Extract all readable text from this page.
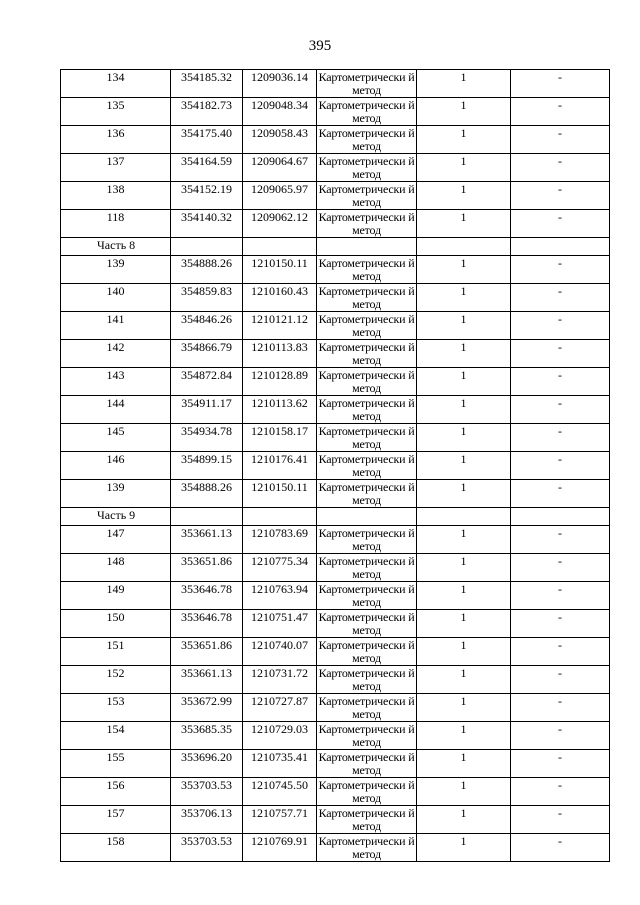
395
134	354185.32	1209036.14	Картометрически й метод	1	-
135	354182.73	1209048.34	Картометрически й метод	1	-
136	354175.40	1209058.43	Картометрически й метод	1	-
137	354164.59	1209064.67	Картометрически й метод	1	-
138	354152.19	1209065.97	Картометрически й метод	1	-
118	354140.32	1209062.12	Картометрически й метод	1	-
Часть 8					
139	354888.26	1210150.11	Картометрически й метод	1	-
140	354859.83	1210160.43	Картометрически й метод	1	-
141	354846.26	1210121.12	Картометрически й метод	1	-
142	354866.79	1210113.83	Картометрически й метод	1	-
143	354872.84	1210128.89	Картометрически й метод	1	-
144	354911.17	1210113.62	Картометрически й метод	1	-
145	354934.78	1210158.17	Картометрически й метод	1	-
146	354899.15	1210176.41	Картометрически й метод	1	-
139	354888.26	1210150.11	Картометрически й метод	1	-
Часть 9					
147	353661.13	1210783.69	Картометрически й метод	1	-
148	353651.86	1210775.34	Картометрически й метод	1	-
149	353646.78	1210763.94	Картометрически й метод	1	-
150	353646.78	1210751.47	Картометрически й метод	1	-
151	353651.86	1210740.07	Картометрически й метод	1	-
152	353661.13	1210731.72	Картометрически й метод	1	-
153	353672.99	1210727.87	Картометрически й метод	1	-
154	353685.35	1210729.03	Картометрически й метод	1	-
155	353696.20	1210735.41	Картометрически й метод	1	-
156	353703.53	1210745.50	Картометрически й метод	1	-
157	353706.13	1210757.71	Картометрически й метод	1	-
158	353703.53	1210769.91	Картометрически й метод	1	-
